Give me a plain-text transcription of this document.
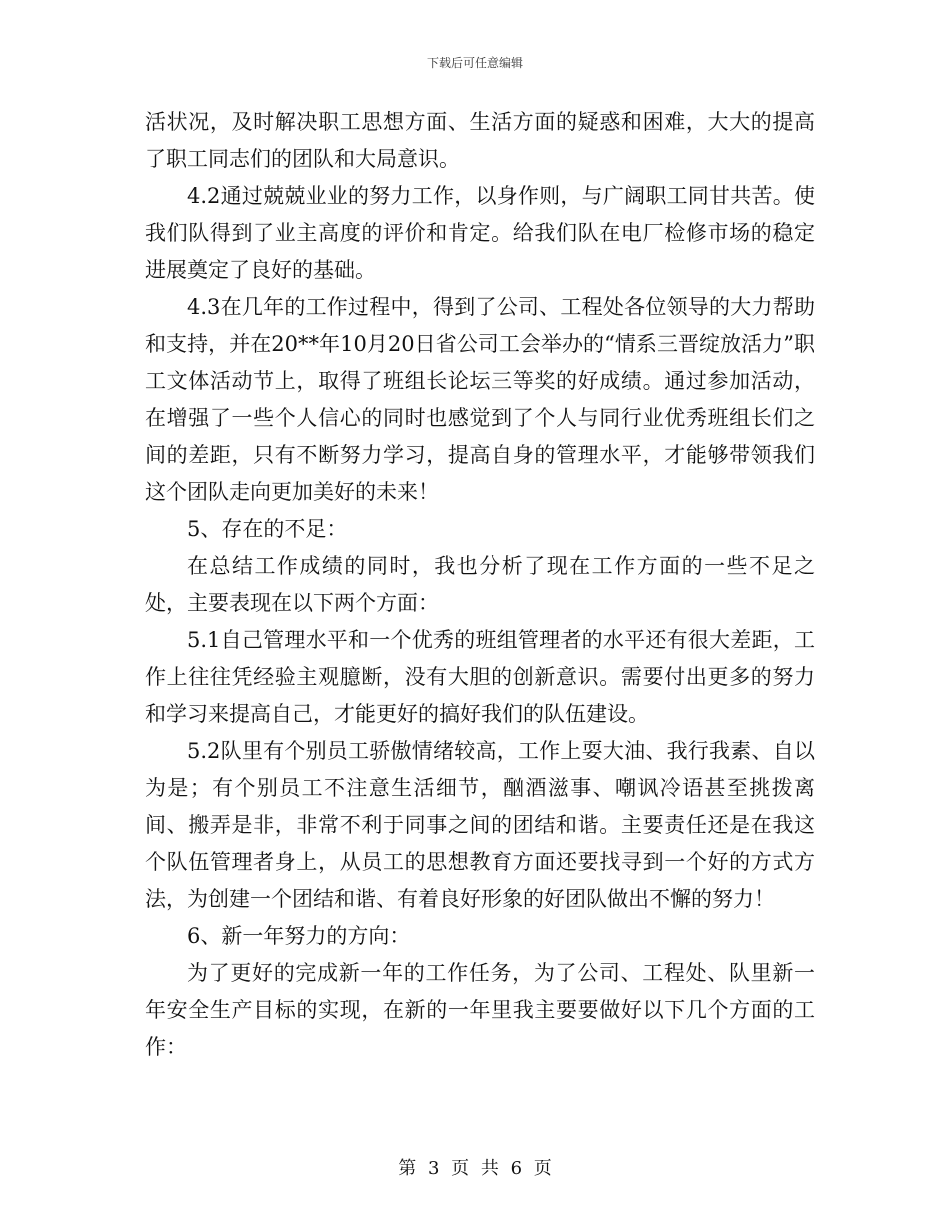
下载后可任意编辑

活状况，及时解决职工思想方面、生活方面的疑惑和困难，大大的提高了职工同志们的团队和大局意识。

4.2通过兢兢业业的努力工作，以身作则，与广阔职工同甘共苦。使我们队得到了业主高度的评价和肯定。给我们队在电厂检修市场的稳定进展奠定了良好的基础。

4.3在几年的工作过程中，得到了公司、工程处各位领导的大力帮助和支持，并在20**年10月20日省公司工会举办的“情系三晋绽放活力”职工文体活动节上，取得了班组长论坛三等奖的好成绩。通过参加活动，在增强了一些个人信心的同时也感觉到了个人与同行业优秀班组长们之间的差距，只有不断努力学习，提高自身的管理水平，才能够带领我们这个团队走向更加美好的未来！

5、存在的不足：

在总结工作成绩的同时，我也分析了现在工作方面的一些不足之处，主要表现在以下两个方面：

5.1自己管理水平和一个优秀的班组管理者的水平还有很大差距，工作上往往凭经验主观臆断，没有大胆的创新意识。需要付出更多的努力和学习来提高自己，才能更好的搞好我们的队伍建设。

5.2队里有个别员工骄傲情绪较高，工作上耍大油、我行我素、自以为是；有个别员工不注意生活细节，酗酒滋事、嘲讽冷语甚至挑拨离间、搬弄是非，非常不利于同事之间的团结和谐。主要责任还是在我这个队伍管理者身上，从员工的思想教育方面还要找寻到一个好的方式方法，为创建一个团结和谐、有着良好形象的好团队做出不懈的努力！

6、新一年努力的方向：

为了更好的完成新一年的工作任务，为了公司、工程处、队里新一年安全生产目标的实现，在新的一年里我主要要做好以下几个方面的工作：

第 3 页 共 6 页
